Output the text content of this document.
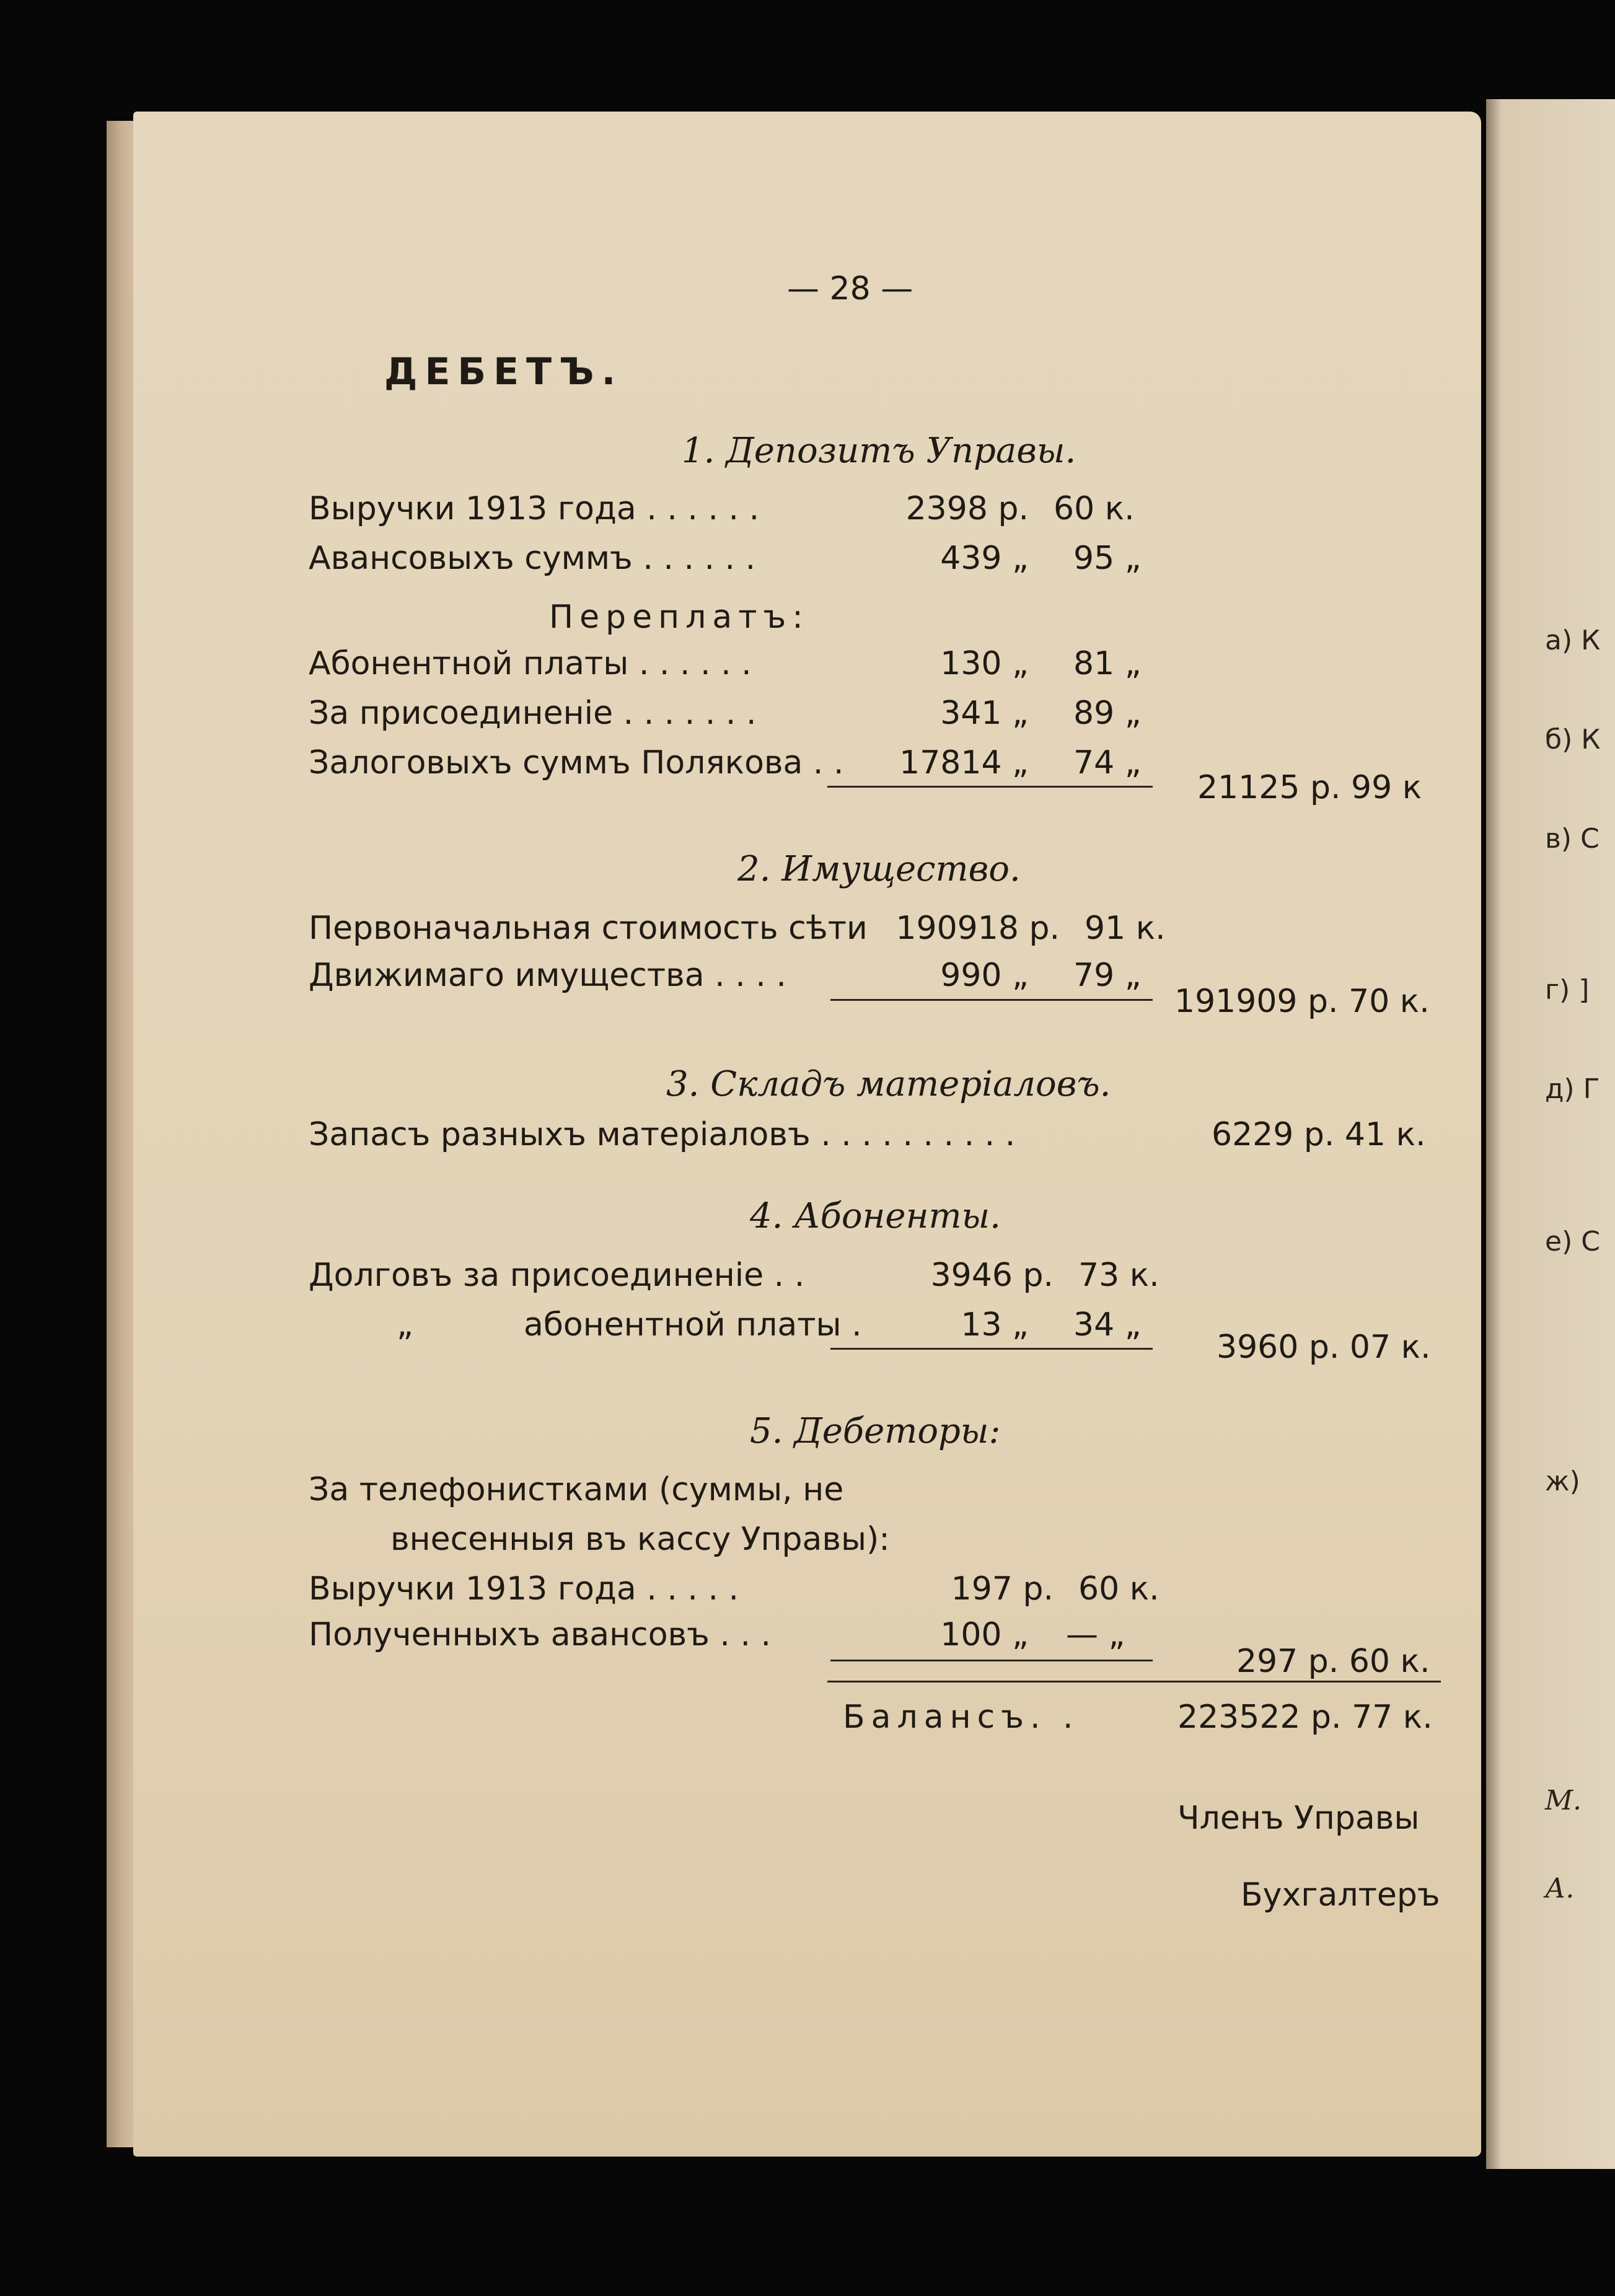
а) К
б) К
в) С
г) ]
д) Г
е) С
ж)
М.
А.
— 28 —
ДЕБЕТЪ.
1. Депозитъ Управы.
Выручки 1913 года . . . . . .	2398 р. 60 к.
Авансовыхъ суммъ . . . . . .	439 „ 95 „
Переплатъ:
Абонентной платы . . . . . .	130 „ 81 „
За присоединеніе . . . . . . .	341 „ 89 „
Залоговыхъ суммъ Полякова . . 17814 „ 74 „
21125 р. 99 к
2. Имущество.
Первоначальная стоимость сѣти 190918 р. 91 к.
Движимаго имущества . . . .	990 „ 79 „
191909 р. 70 к.
3. Складъ матеріаловъ.
Запасъ разныхъ матеріаловъ . . . . . . . . . .	6229 р. 41 к.
4. Абоненты.
Долговъ за присоединеніе . .	3946 р. 73 к.
„	абонентной платы .	13 „ 34 „
3960 р. 07 к.
5. Дебеторы:
За телефонистками (суммы, не
внесенныя въ кассу Управы):
Выручки 1913 года . . . . .	197 р. 60 к.
Полученныхъ авансовъ . . .	100 „ — „
297 р. 60 к.
Балансъ. .	223522 р. 77 к.
Членъ Управы
Бухгалтеръ
